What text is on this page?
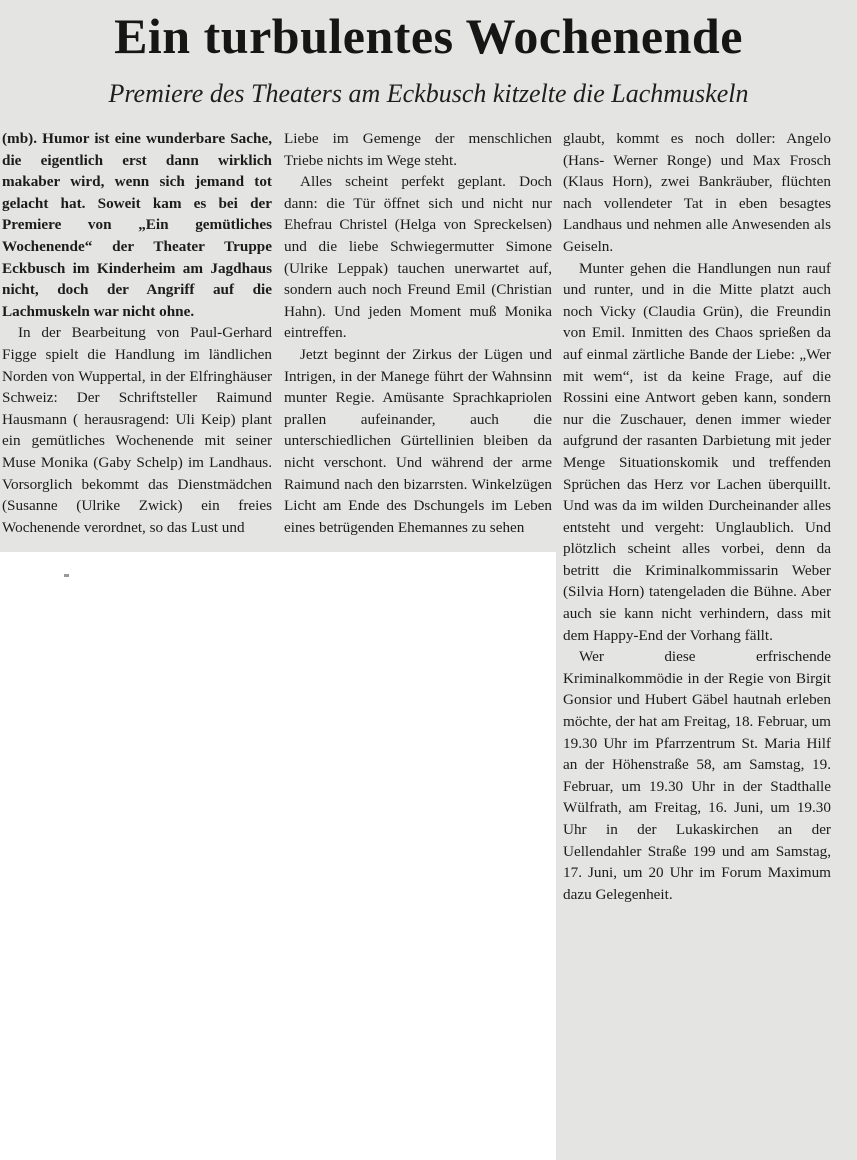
Ein turbulentes Wochenende
Premiere des Theaters am Eckbusch kitzelte die Lachmuskeln

(mb). Humor ist eine wunderbare Sache, die eigentlich erst dann wirklich makaber wird, wenn sich jemand tot gelacht hat. Soweit kam es bei der Premiere von „Ein gemütliches Wochenende“ der Theater Truppe Eckbusch im Kinderheim am Jagdhaus nicht, doch der Angriff auf die Lachmuskeln war nicht ohne.

In der Bearbeitung von Paul-Gerhard Figge spielt die Handlung im ländlichen Norden von Wuppertal, in der Elfringhäuser Schweiz: Der Schriftsteller Raimund Hausmann ( herausragend: Uli Keip) plant ein gemütliches Wochenende mit seiner Muse Monika (Gaby Schelp) im Landhaus. Vorsorglich bekommt das Dienstmädchen (Susanne (Ulrike Zwick) ein freies Wochenende verordnet, so das Lust und

Liebe im Gemenge der menschlichen Triebe nichts im Wege steht.

Alles scheint perfekt geplant. Doch dann: die Tür öffnet sich und nicht nur Ehefrau Christel (Helga von Spreckelsen) und die liebe Schwiegermutter Simone (Ulrike Leppak) tauchen unerwartet auf, sondern auch noch Freund Emil (Christian Hahn). Und jeden Moment muß Monika eintreffen.

Jetzt beginnt der Zirkus der Lügen und Intrigen, in der Manege führt der Wahnsinn munter Regie. Amüsante Sprachkapriolen prallen aufeinander, auch die unterschiedlichen Gürtellinien bleiben da nicht verschont. Und während der arme Raimund nach den bizarrsten. Winkelzügen Licht am Ende des Dschungels im Leben eines betrügenden Ehemannes zu sehen

glaubt, kommt es noch doller: Angelo (Hans- Werner Ronge) und Max Frosch (Klaus Horn), zwei Bankräuber, flüchten nach vollendeter Tat in eben besagtes Landhaus und nehmen alle Anwesenden als Geiseln.

Munter gehen die Handlungen nun rauf und runter, und in die Mitte platzt auch noch Vicky (Claudia Grün), die Freundin von Emil. Inmitten des Chaos sprießen da auf einmal zärtliche Bande der Liebe: „Wer mit wem“, ist da keine Frage, auf die Rossini eine Antwort geben kann, sondern nur die Zuschauer, denen immer wieder aufgrund der rasanten Darbietung mit jeder Menge Situationskomik und treffenden Sprüchen das Herz vor Lachen überquillt. Und was da im wilden Durcheinander alles entsteht und vergeht: Unglaublich. Und plötzlich scheint alles vorbei, denn da betritt die Kriminalkommissarin Weber (Silvia Horn) tatengeladen die Bühne. Aber auch sie kann nicht verhindern, dass mit dem Happy-End der Vorhang fällt.

Wer diese erfrischende Kriminalkommödie in der Regie von Birgit Gonsior und Hubert Gäbel hautnah erleben möchte, der hat am Freitag, 18. Februar, um 19.30 Uhr im Pfarrzentrum St. Maria Hilf an der Höhenstraße 58, am Samstag, 19. Februar, um 19.30 Uhr in der Stadthalle Wülfrath, am Freitag, 16. Juni, um 19.30 Uhr in der Lukaskirchen an der Uellendahler Straße 199 und am Samstag, 17. Juni, um 20 Uhr im Forum Maximum dazu Gelegenheit.
